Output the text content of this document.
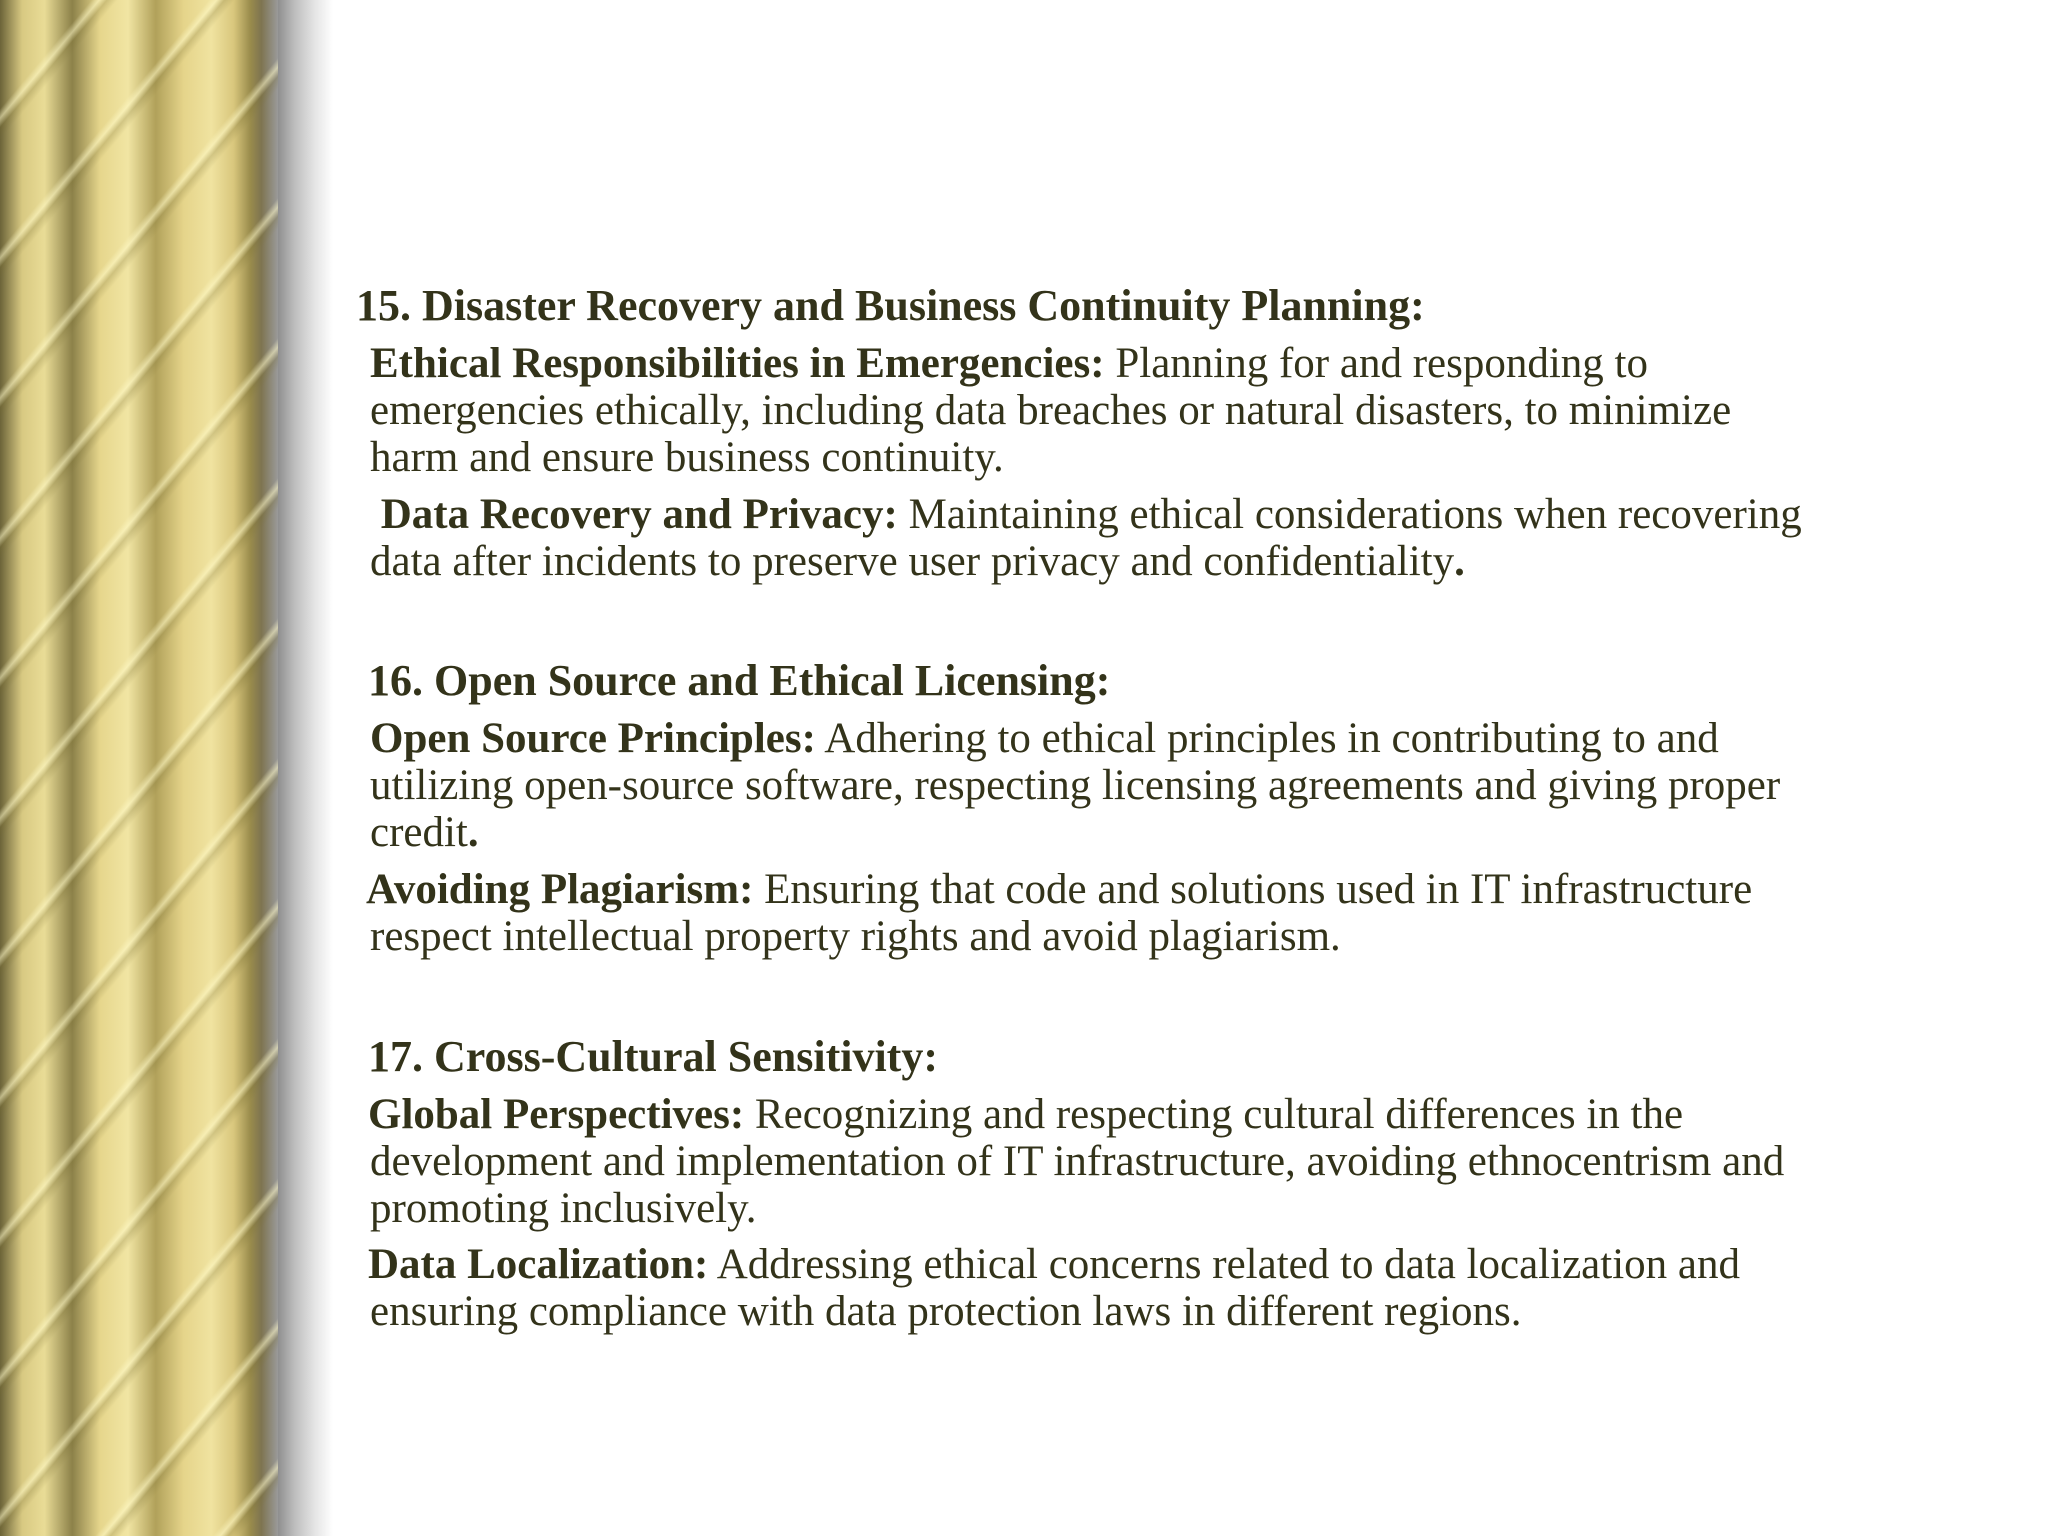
15. Disaster Recovery and Business Continuity Planning:

Ethical Responsibilities in Emergencies: Planning for and responding to
emergencies ethically, including data breaches or natural disasters, to minimize
harm and ensure business continuity.

Data Recovery and Privacy: Maintaining ethical considerations when recovering
data after incidents to preserve user privacy and confidentiality.

16. Open Source and Ethical Licensing:

Open Source Principles: Adhering to ethical principles in contributing to and
utilizing open-source software, respecting licensing agreements and giving proper
credit.

Avoiding Plagiarism: Ensuring that code and solutions used in IT infrastructure
respect intellectual property rights and avoid plagiarism.

17. Cross-Cultural Sensitivity:

Global Perspectives: Recognizing and respecting cultural differences in the
development and implementation of IT infrastructure, avoiding ethnocentrism and
promoting inclusively.

Data Localization: Addressing ethical concerns related to data localization and
ensuring compliance with data protection laws in different regions.
